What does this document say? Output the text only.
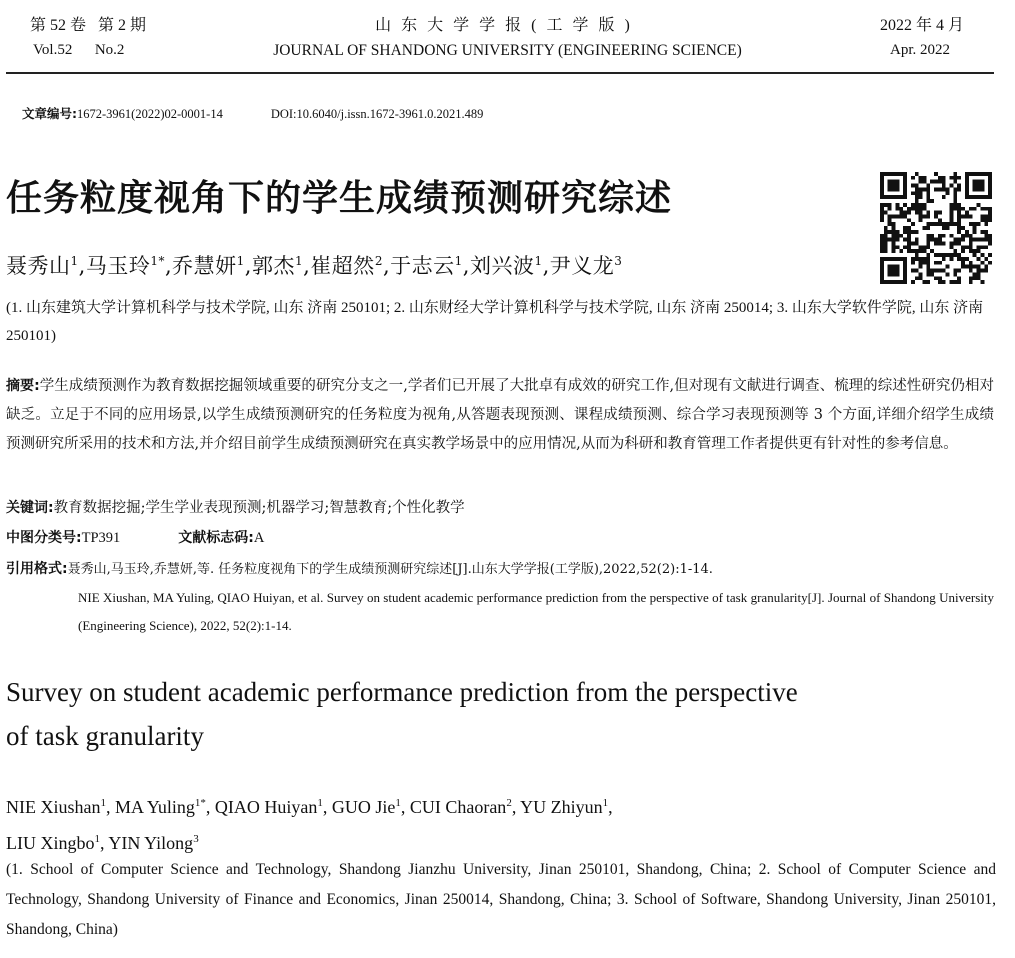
第 52 卷   第 2 期
Vol.52      No.2
山东大学学报(工学版)
JOURNAL OF SHANDONG UNIVERSITY (ENGINEERING SCIENCE)
2022 年 4 月
Apr. 2022
文章编号:1672-3961(2022)02-0001-14	DOI:10.6040/j.issn.1672-3961.0.2021.489
任务粒度视角下的学生成绩预测研究综述
聂秀山$^1$,马玉玲$^{1*}$,乔慧妍$^1$,郭杰$^1$,崔超然$^2$,于志云$^1$,刘兴波$^1$,尹义龙$^3$
(1. 山东建筑大学计算机科学与技术学院, 山东 济南 250101; 2. 山东财经大学计算机科学与技术学院, 山东 济南 250014; 3. 山东大学软件学院, 山东 济南 250101)
摘要:学生成绩预测作为教育数据挖掘领域重要的研究分支之一,学者们已开展了大批卓有成效的研究工作,但对现有文献进行调查、梳理的综述性研究仍相对缺乏。立足于不同的应用场景,以学生成绩预测研究的任务粒度为视角,从答题表现预测、课程成绩预测、综合学习表现预测等 3 个方面,详细介绍学生成绩预测研究所采用的技术和方法,并介绍目前学生成绩预测研究在真实教学场景中的应用情况,从而为科研和教育管理工作者提供更有针对性的参考信息。
关键词:教育数据挖掘;学生学业表现预测;机器学习;智慧教育;个性化教学
中图分类号:TP391	文献标志码:A
引用格式:聂秀山,马玉玲,乔慧妍,等. 任务粒度视角下的学生成绩预测研究综述[J].山东大学学报(工学版),2022,52(2):1-14.
NIE Xiushan, MA Yuling, QIAO Huiyan, et al. Survey on student academic performance prediction from the perspective of task granularity[J]. Journal of Shandong University (Engineering Science), 2022, 52(2):1-14.
Survey on student academic performance prediction from the perspective of task granularity
NIE Xiushan$^1$, MA Yuling$^{1*}$, QIAO Huiyan$^1$, GUO Jie$^1$, CUI Chaoran$^2$, YU Zhiyun$^1$,
LIU Xingbo$^1$, YIN Yilong$^3$
(1. School of Computer Science and Technology, Shandong Jianzhu University, Jinan 250101, Shandong, China; 2. School of Computer Science and Technology, Shandong University of Finance and Economics, Jinan 250014, Shandong, China; 3. School of Software, Shandong University, Jinan 250101, Shandong, China)
